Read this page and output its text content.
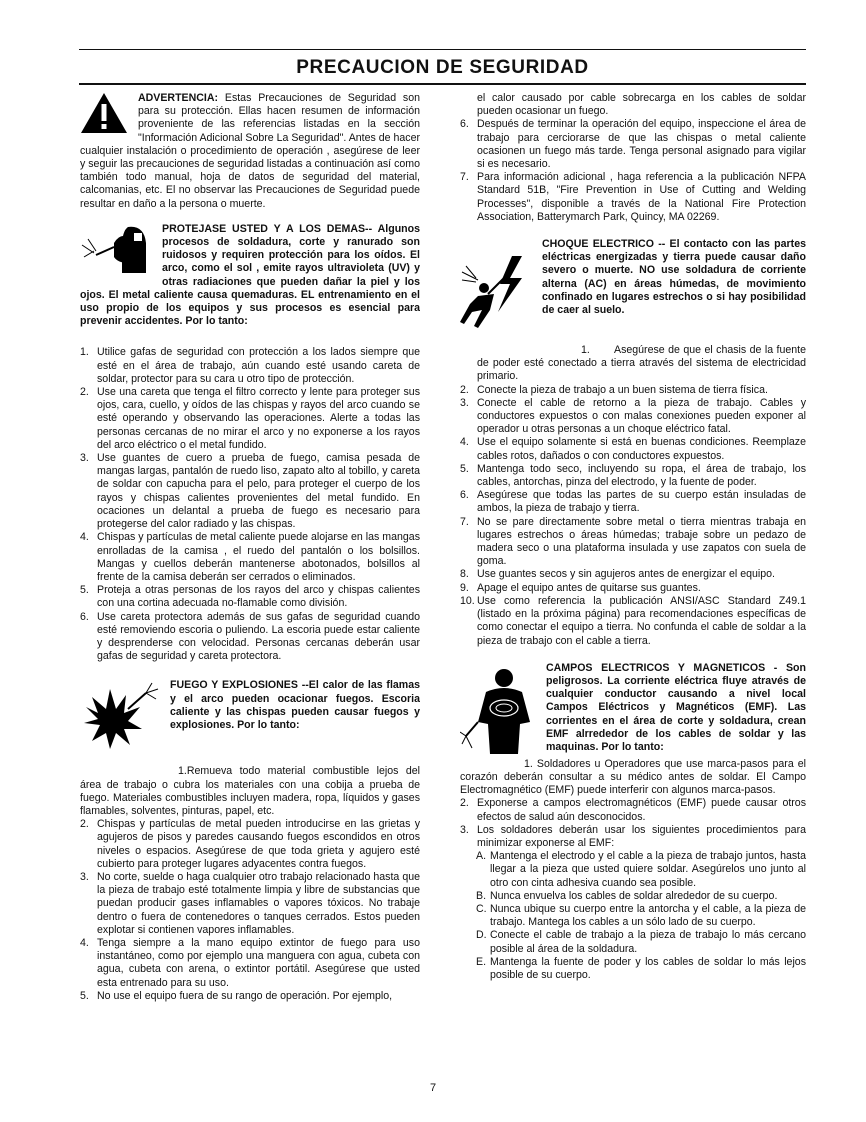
PRECAUCION DE SEGURIDAD

ADVERTENCIA: Estas Precauciones de Seguridad son para su protección. Ellas hacen resumen de información proveniente de las referencias listadas en la sección "Información Adicional Sobre La Seguridad". Antes de hacer cualquier instalación o procedimiento de operación , asegúrese de leer y seguir las precauciones de seguridad listadas a continuación así como también todo manual, hoja de datos de seguridad del material, calcomanias, etc. El no observar las Precauciones de Seguridad puede resultar en daño a la persona o muerte.

PROTEJASE USTED Y A LOS DEMAS-- Algunos procesos de soldadura, corte y ranurado son ruidosos y requiren protección para los oídos. El arco, como el sol , emite rayos ultravioleta (UV) y otras radiaciones que pueden dañar la piel y los ojos. El metal caliente causa quemaduras. EL entrenamiento en el uso propio de los equipos y sus procesos es esencial para prevenir accidentes. Por lo tanto:

1. Utilice gafas de seguridad con protección a los lados siempre que esté en el área de trabajo, aún cuando esté usando careta de soldar, protector para su cara u otro tipo de protección.
2. Use una careta que tenga el filtro correcto y lente para proteger sus ojos, cara, cuello, y oídos de las chispas y rayos del arco cuando se esté operando y observando las operaciones. Alerte a todas las personas cercanas de no mirar el arco y no exponerse a los rayos del arco eléctrico o el metal fundido.
3. Use guantes de cuero a prueba de fuego, camisa pesada de mangas largas, pantalón de ruedo liso, zapato alto al tobillo, y careta de soldar con capucha para el pelo, para proteger el cuerpo de los rayos y chispas calientes provenientes del metal fundido. En ocaciones un delantal a prueba de fuego es necesario para protegerse del calor radiado y las chispas.
4. Chispas y partículas de metal caliente puede alojarse en las mangas enrolladas de la camisa , el ruedo del pantalón o los bolsillos. Mangas y cuellos deberán mantenerse abotonados, bolsillos al frente de la camisa deberán ser cerrados o eliminados.
5. Proteja a otras personas de los rayos del arco y chispas calientes con una cortina adecuada no-flamable como división.
6. Use careta protectora además de sus gafas de seguridad cuando esté removiendo escoria o puliendo. La escoria puede estar caliente y desprenderse con velocidad. Personas cercanas deberán usar gafas de seguridad y careta protectora.

FUEGO Y EXPLOSIONES --El calor de las flamas y el arco pueden ocacionar fuegos. Escoria caliente y las chispas pueden causar fuegos y explosiones. Por lo tanto:

1.Remueva todo material combustible lejos del área de trabajo o cubra los materiales con una cobija a prueba de fuego. Materiales combustibles incluyen madera, ropa, líquidos y gases flamables, solventes, pinturas, papel, etc.

2. Chispas y partículas de metal pueden introducirse en las grietas y agujeros de pisos y paredes causando fuegos escondidos en otros niveles o espacios. Asegúrese de que toda grieta y agujero esté cubierto para proteger lugares adyacentes contra fuegos.
3. No corte, suelde o haga cualquier otro trabajo relacionado hasta que la pieza de trabajo esté totalmente limpia y libre de substancias que puedan producir gases inflamables o vapores tóxicos. No trabaje dentro o fuera de contenedores o tanques cerrados. Estos pueden explotar si contienen vapores inflamables.
4. Tenga siempre a la mano equipo extintor de fuego para uso instantáneo, como por ejemplo una manguera con agua, cubeta con agua, cubeta con arena, o extintor portátil. Asegúrese que usted esta entrenado para su uso.
5. No use el equipo fuera de su rango de operación. Por ejemplo,

el calor causado por cable sobrecarga en los cables de soldar pueden ocasionar un fuego.

6. Después de terminar la operación del equipo, inspeccione el área de trabajo para cerciorarse de que las chispas o metal caliente ocasionen un fuego más tarde. Tenga personal asignado para vigilar si es necesario.
7. Para información adicional , haga referencia a la publicación NFPA Standard 51B, "Fire Prevention in Use of Cutting and Welding Processes", disponible a través de la National Fire Protection Association, Batterymarch Park, Quincy, MA 02269.

CHOQUE ELECTRICO -- El contacto con las partes eléctricas energizadas y tierra puede causar daño severo o muerte. NO use soldadura de corriente alterna (AC) en áreas húmedas, de movimiento confinado en lugares estrechos o si hay posibilidad de caer al suelo.

1. Asegúrese de que el chasis de la fuente de poder esté conectado a tierra através del sistema de electricidad primario.

2. Conecte la pieza de trabajo a un buen sistema de tierra física.
3. Conecte el cable de retorno a la pieza de trabajo. Cables y conductores expuestos o con malas conexiones pueden exponer al operador u otras personas a un choque eléctrico fatal.
4. Use el equipo solamente si está en buenas condiciones. Reemplaze cables rotos, dañados o con conductores expuestos.
5. Mantenga todo seco, incluyendo su ropa, el área de trabajo, los cables, antorchas, pinza del electrodo, y la fuente de poder.
6. Asegúrese que todas las partes de su cuerpo están insuladas de ambos, la pieza de trabajo y tierra.
7. No se pare directamente sobre metal o tierra mientras trabaja en lugares estrechos o áreas húmedas; trabaje sobre un pedazo de madera seco o una plataforma insulada y use zapatos con suela de goma.
8. Use guantes secos y sin agujeros antes de energizar el equipo.
9. Apage el equipo antes de quitarse sus guantes.
10. Use como referencia la publicación ANSI/ASC Standard Z49.1 (listado en la próxima página) para recomendaciones específicas de como conectar el equipo a tierra. No confunda el cable de soldar a la pieza de trabajo con el cable a tierra.

CAMPOS ELECTRICOS Y MAGNETICOS - Son peligrosos. La corriente eléctrica fluye através de cualquier conductor causando a nivel local Campos Eléctricos y Magnéticos (EMF). Las corrientes en el área de corte y soldadura, crean EMF alrrededor de los cables de soldar y las maquinas. Por lo tanto:

1. Soldadores u Operadores que use marca-pasos para el corazón deberán consultar a su médico antes de soldar. El Campo Electromagnético (EMF) puede interferir con algunos marca-pasos.

2. Exponerse a campos electromagnéticos (EMF) puede causar otros efectos de salud aún desconocidos.
3. Los soldadores deberán usar los siguientes procedimientos para minimizar exponerse al EMF:
A. Mantenga el electrodo y el cable a la pieza de trabajo juntos, hasta llegar a la pieza que usted quiere soldar. Asegúrelos uno junto al otro con cinta adhesiva cuando sea posible.
B. Nunca envuelva los cables de soldar alrededor de su cuerpo.
C. Nunca ubique su cuerpo entre la antorcha y el cable, a la pieza de trabajo. Mantega los cables a un sólo lado de su cuerpo.
D. Conecte el cable de trabajo a la pieza de trabajo lo más cercano posible al área de la soldadura.
E. Mantenga la fuente de poder y los cables de soldar lo más lejos posible de su cuerpo.
7
